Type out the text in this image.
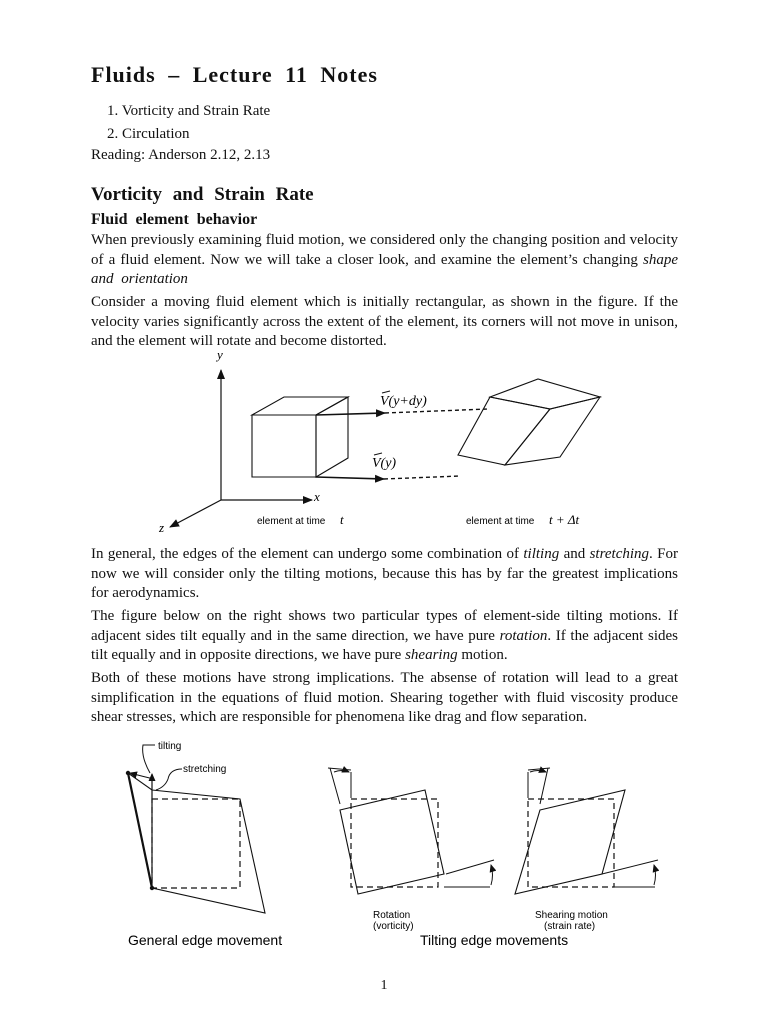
Fluids – Lecture 11 Notes
1. Vorticity and Strain Rate
2. Circulation
Reading: Anderson 2.12, 2.13
Vorticity and Strain Rate
Fluid element behavior

When previously examining fluid motion, we considered only the changing position and velocity of a fluid element. Now we will take a closer look, and examine the element’s changing shape and orientation

Consider a moving fluid element which is initially rectangular, as shown in the figure. If the velocity varies significantly across the extent of the element, its corners will not move in unison, and the element will rotate and become distorted.

y
x
z
V(y+dy)
V(y)
element at time t	element at time t + Δt

In general, the edges of the element can undergo some combination of tilting and stretching. For now we will consider only the tilting motions, because this has by far the greatest implications for aerodynamics.

The figure below on the right shows two particular types of element-side tilting motions. If adjacent sides tilt equally and in the same direction, we have pure rotation. If the adjacent sides tilt equally and in opposite directions, we have pure shearing motion.

Both of these motions have strong implications. The absense of rotation will lead to a great simplification in the equations of fluid motion. Shearing together with fluid viscosity produce shear stresses, which are responsible for phenomena like drag and flow separation.

tilting
stretching
Rotation
(vorticity)
Shearing motion
(strain rate)
General edge movement	Tilting edge movements
1
